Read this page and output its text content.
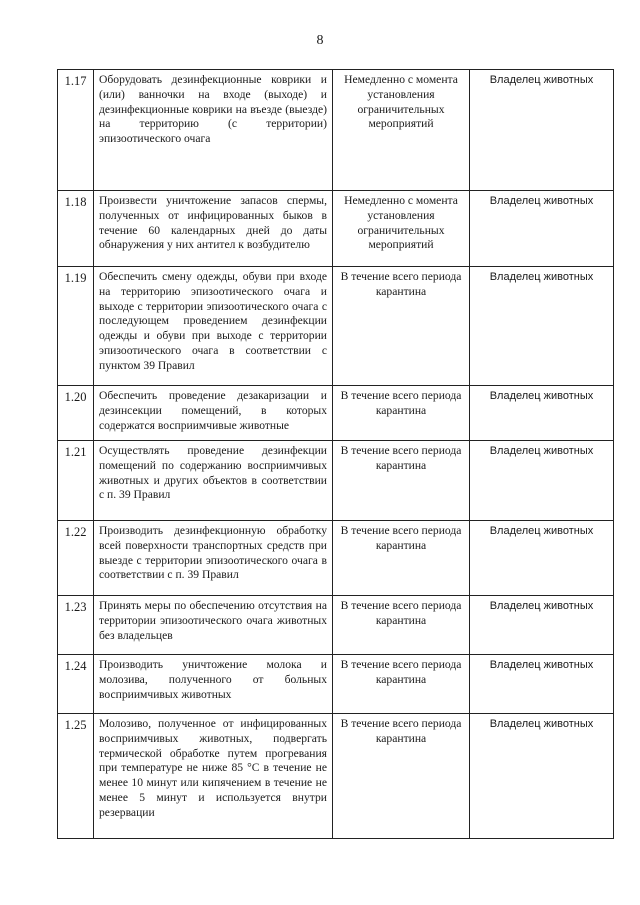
8
1.17	Оборудовать дезинфекционные коврики и (или) ванночки на входе (выходе) и дезинфекционные коврики на въезде (выезде) на территорию (с территории) эпизоотического очага	Немедленно с момента установления ограничительных мероприятий	Владелец животных
1.18	Произвести уничтожение запасов спермы, полученных от инфицированных быков в течение 60 календарных дней до даты обнаружения у них антител к возбудителю	Немедленно с момента установления ограничительных мероприятий	Владелец животных
1.19	Обеспечить смену одежды, обуви при входе на территорию эпизоотического очага и выходе с территории эпизоотического очага с последующем проведением дезинфекции одежды и обуви при выходе с территории эпизоотического очага в соответствии с пунктом 39 Правил	В течение всего периода карантина	Владелец животных
1.20	Обеспечить проведение дезакаризации и дезинсекции помещений, в которых содержатся восприимчивые животные	В течение всего периода карантина	Владелец животных
1.21	Осуществлять проведение дезинфекции помещений по содержанию восприимчивых животных и других объектов в соответствии с п. 39 Правил	В течение всего периода карантина	Владелец животных
1.22	Производить дезинфекционную обработку всей поверхности транспортных средств при выезде с территории эпизоотического очага в соответствии с п. 39 Правил	В течение всего периода карантина	Владелец животных
1.23	Принять меры по обеспечению отсутствия на территории эпизоотического очага животных без владельцев	В течение всего периода карантина	Владелец животных
1.24	Производить уничтожение молока и молозива, полученного от больных восприимчивых животных	В течение всего периода карантина	Владелец животных
1.25	Молозиво, полученное от инфицированных восприимчивых животных, подвергать термической обработке путем прогревания при температуре не ниже 85 °С в течение не менее 10 минут или кипячением в течение не менее 5 минут и используется внутри резервации	В течение всего периода карантина	Владелец животных
